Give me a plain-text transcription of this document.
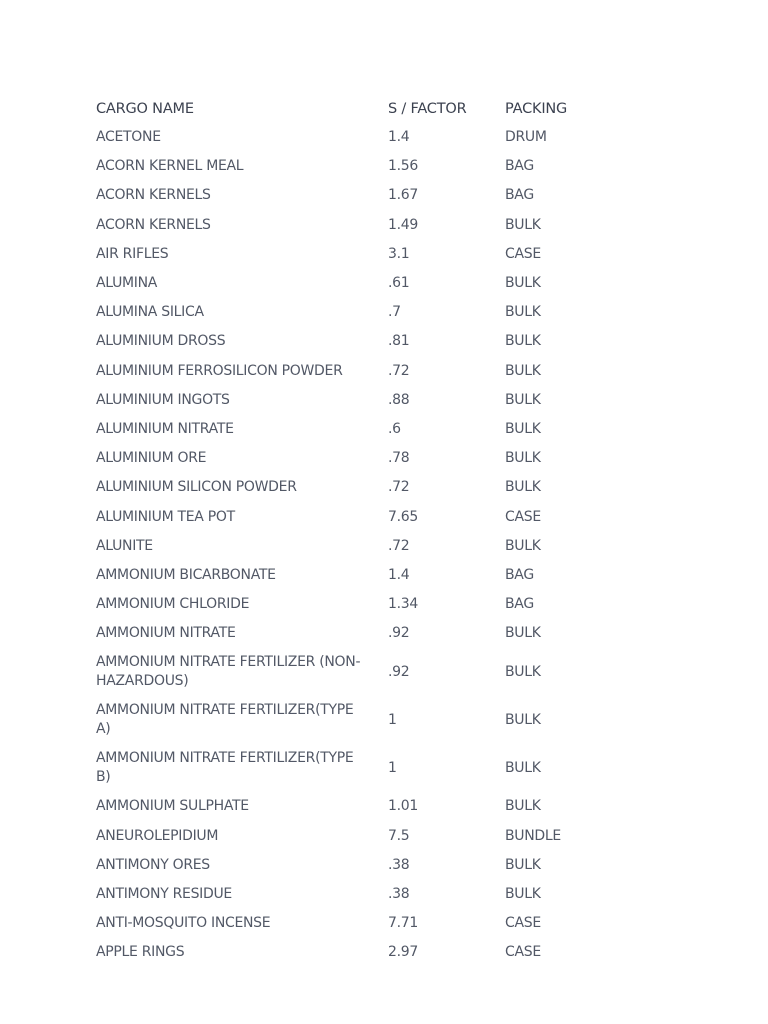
CARGO NAME	S / FACTOR	PACKING
ACETONE	1.4	DRUM
ACORN KERNEL MEAL	1.56	BAG
ACORN KERNELS	1.67	BAG
ACORN KERNELS	1.49	BULK
AIR RIFLES	3.1	CASE
ALUMINA	.61	BULK
ALUMINA SILICA	.7	BULK
ALUMINIUM DROSS	.81	BULK
ALUMINIUM FERROSILICON POWDER	.72	BULK
ALUMINIUM INGOTS	.88	BULK
ALUMINIUM NITRATE	.6	BULK
ALUMINIUM ORE	.78	BULK
ALUMINIUM SILICON POWDER	.72	BULK
ALUMINIUM TEA POT	7.65	CASE
ALUNITE	.72	BULK
AMMONIUM BICARBONATE	1.4	BAG
AMMONIUM CHLORIDE	1.34	BAG
AMMONIUM NITRATE	.92	BULK
AMMONIUM NITRATE FERTILIZER (NON-HAZARDOUS)	.92	BULK
AMMONIUM NITRATE FERTILIZER(TYPE A)	1	BULK
AMMONIUM NITRATE FERTILIZER(TYPE B)	1	BULK
AMMONIUM SULPHATE	1.01	BULK
ANEUROLEPIDIUM	7.5	BUNDLE
ANTIMONY ORES	.38	BULK
ANTIMONY RESIDUE	.38	BULK
ANTI-MOSQUITO INCENSE	7.71	CASE
APPLE RINGS	2.97	CASE
